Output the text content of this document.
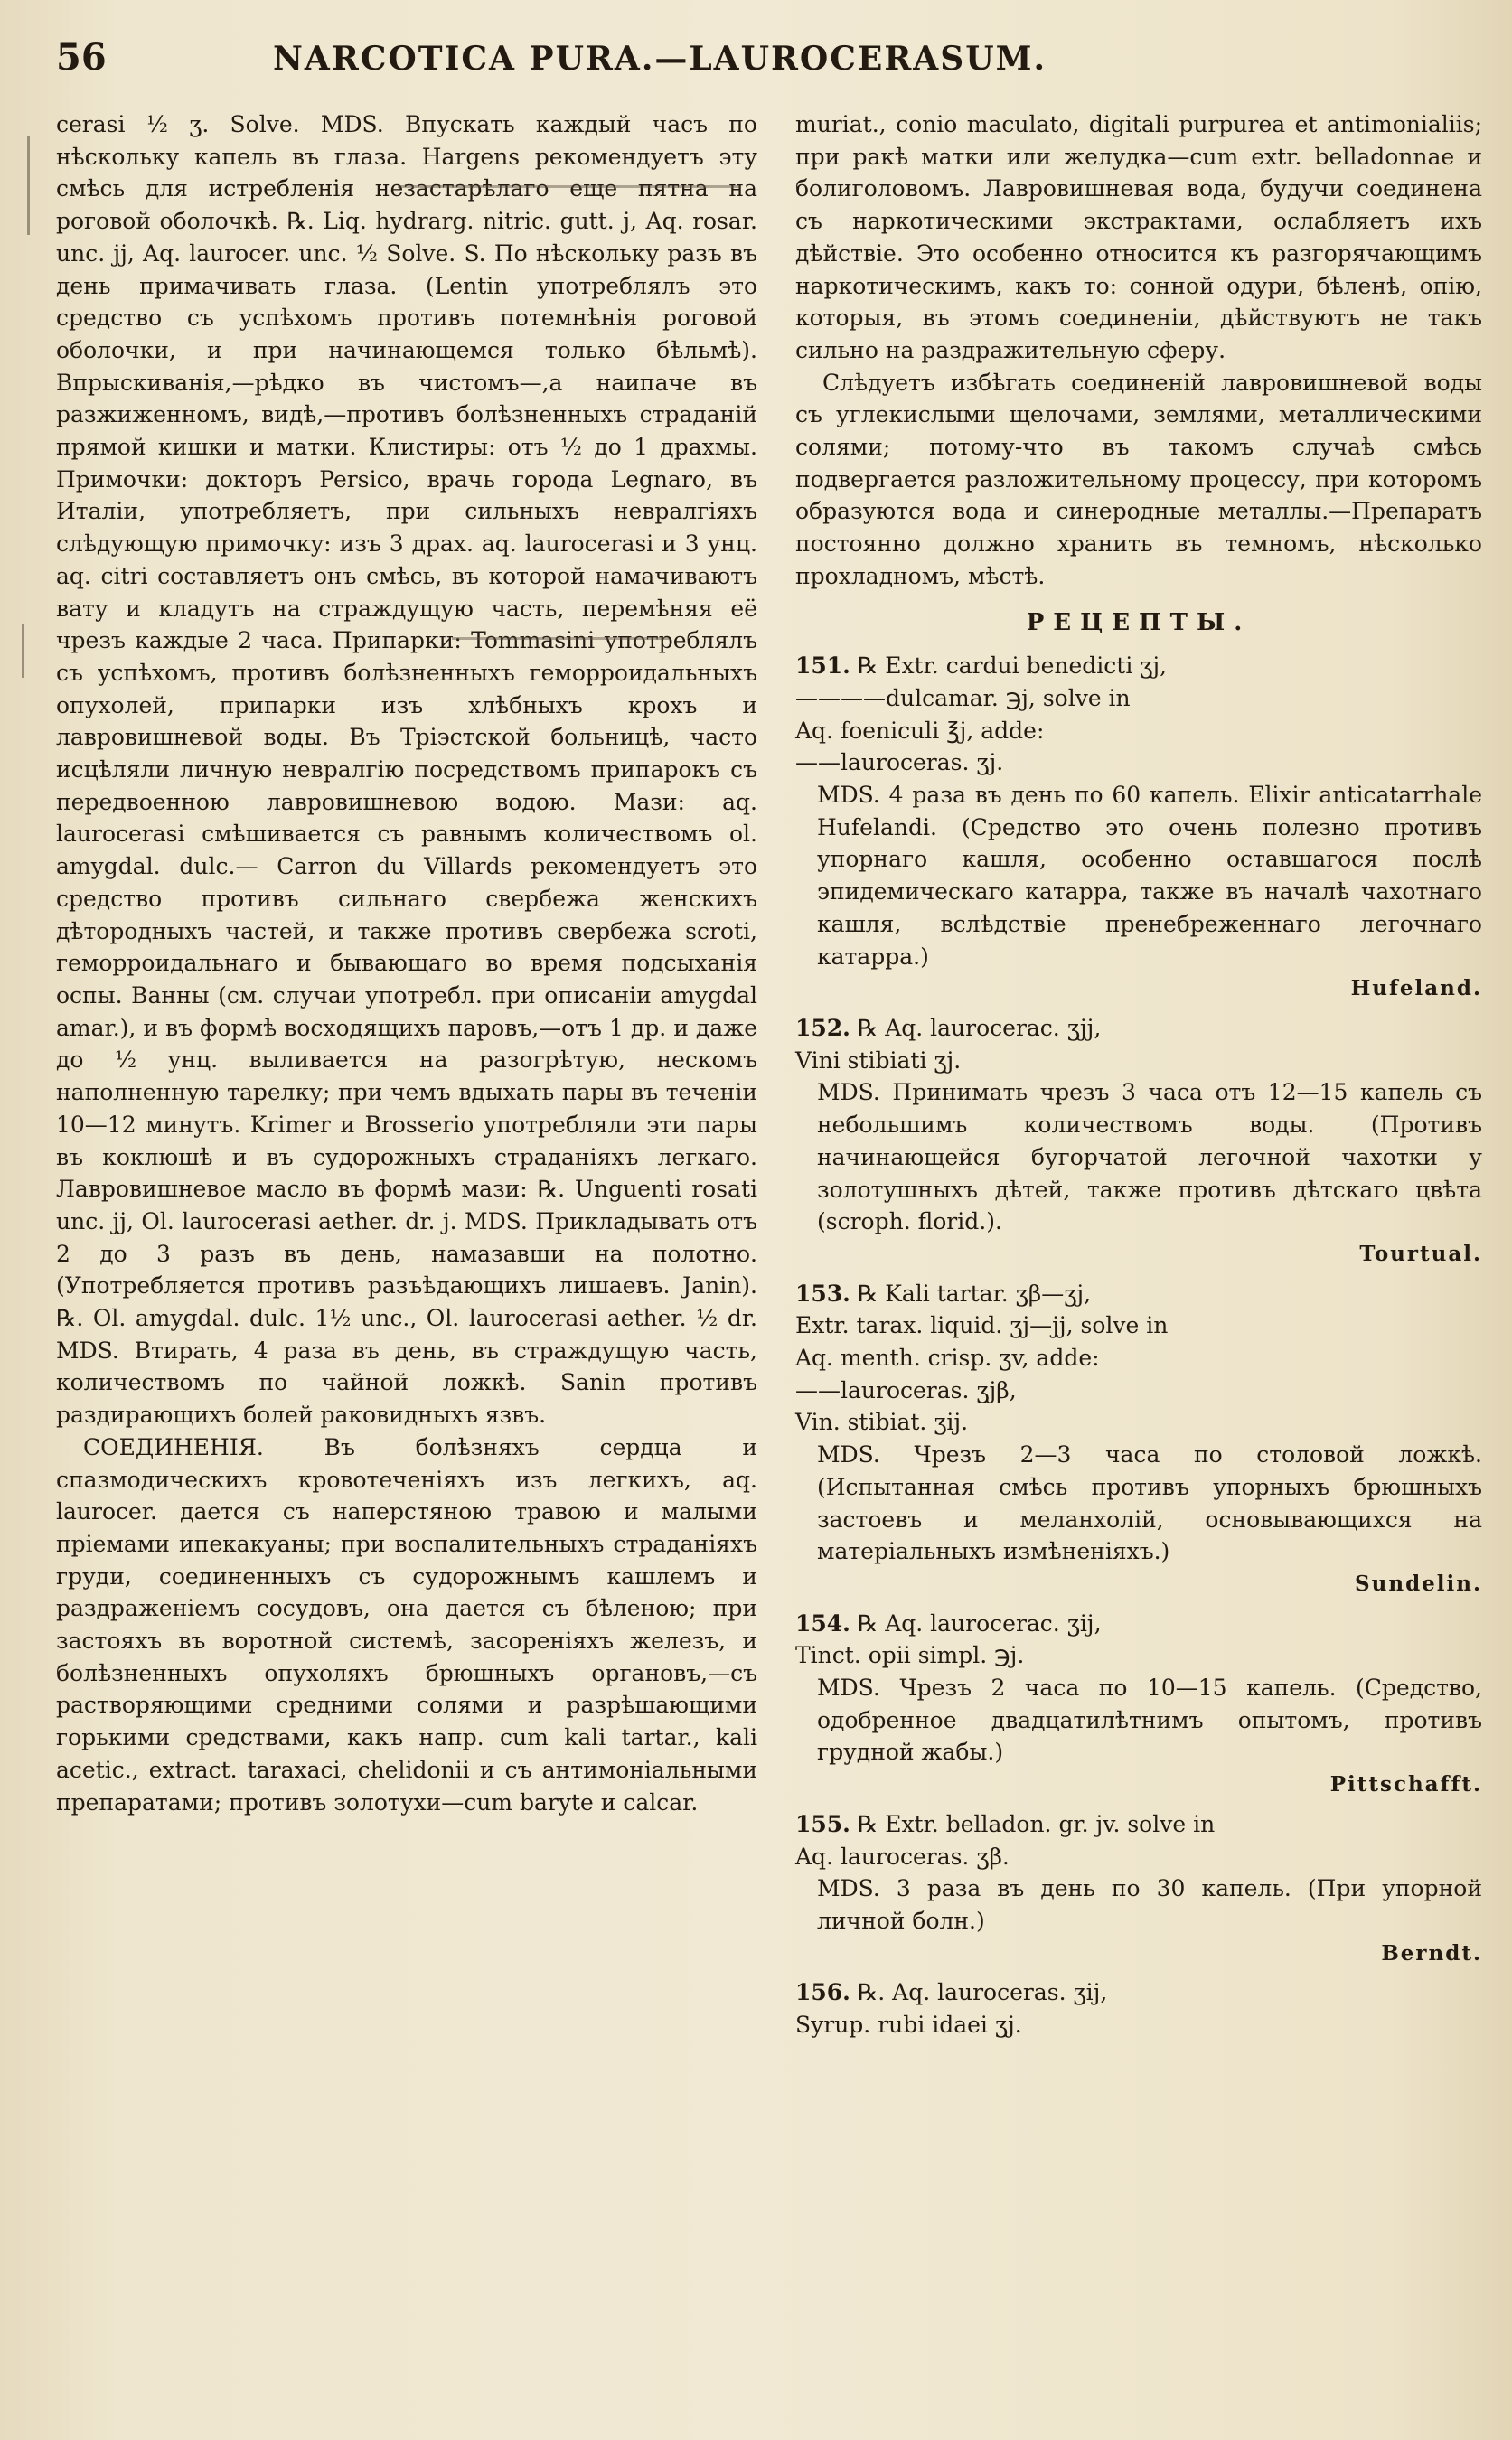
56	NARCOTICA PURA.—LAUROCERASUM.

cerasi ½ ʒ. Solve. MDS. Впускать каждый часъ по нѣскольку капель въ глаза. Hargens рекомендуетъ эту смѣсь для истребленія незастарѣлаго еще пятна на роговой оболочкѣ. ℞. Liq. hydrarg. nitric. gutt. j, Aq. rosar. unc. jj, Aq. laurocer. unc. ½ Solve. S. По нѣскольку разъ въ день примачивать глаза. (Lentin употреблялъ это средство съ успѣхомъ противъ потемнѣнія роговой оболочки, и при начинающемся только бѣльмѣ). Впрыскиванія,—рѣдко въ чистомъ—,а наипаче въ разжиженномъ, видѣ,—противъ болѣзненныхъ страданій прямой кишки и матки. Клистиры: отъ ½ до 1 драхмы. Примочки: докторъ Persico, врачь города Legnaro, въ Италіи, употребляетъ, при сильныхъ невралгіяхъ слѣдующую примочку: изъ 3 драх. aq. laurocerasi и 3 унц. aq. citri составляетъ онъ смѣсь, въ которой намачиваютъ вату и кладутъ на страждущую часть, перемѣняя её чрезъ каждые 2 часа. Припарки: Tommasini употреблялъ съ успѣхомъ, противъ болѣзненныхъ геморроидальныхъ опухолей, припарки изъ хлѣбныхъ крохъ и лавровишневой воды. Въ Тріэстской больницѣ, часто исцѣляли личную невралгію посредствомъ припарокъ съ передвоенною лавровишневою водою. Мази: aq. laurocerasi смѣшивается съ равнымъ количествомъ ol. amygdal. dulc.— Carron du Villards рекомендуетъ это средство противъ сильнаго свербежа женскихъ дѣтородныхъ частей, и также противъ свербежа scroti, геморроидальнаго и бывающаго во время подсыханія оспы. Ванны (см. случаи употребл. при описаніи amygdal amar.), и въ формѣ восходящихъ паровъ,—отъ 1 др. и даже до ½ унц. выливается на разогрѣтую, нескомъ наполненную тарелку; при чемъ вдыхать пары въ теченіи 10—12 минутъ. Krimer и Brosserio употребляли эти пары въ коклюшѣ и въ судорожныхъ страданіяхъ легкаго. Лавровишневое масло въ формѣ мази: ℞. Unguenti rosati unc. jj, Ol. laurocerasi aether. dr. j. MDS. Прикладывать отъ 2 до 3 разъ въ день, намазавши на полотно. (Употребляется противъ разъѣдающихъ лишаевъ. Janin). ℞. Ol. amygdal. dulc. 1½ unc., Ol. laurocerasi aether. ½ dr. MDS. Втирать, 4 раза въ день, въ страждущую часть, количествомъ по чайной ложкѣ. Sanin противъ раздирающихъ болей раковидныхъ язвъ.

СОЕДИНЕНІЯ. Въ болѣзняхъ сердца и спазмодическихъ кровотеченіяхъ изъ легкихъ, aq. laurocer. дается съ наперстяною травою и малыми пріемами ипекакуаны; при воспалительныхъ страданіяхъ груди, соединенныхъ съ судорожнымъ кашлемъ и раздраженіемъ сосудовъ, она дается съ бѣленою; при застояхъ въ воротной системѣ, засореніяхъ железъ, и болѣзненныхъ опухоляхъ брюшныхъ органовъ,—съ растворяющими средними солями и разрѣшающими горькими средствами, какъ напр. cum kali tartar., kali acetic., extract. taraxaci, chelidonii и съ антимоніальными препаратами; противъ золотухи—cum baryte и calcar.

muriat., conio maculato, digitali purpurea et antimonialiis; при ракѣ матки или желудка—cum extr. belladonnae и болиголовомъ. Лавровишневая вода, будучи соединена съ наркотическими экстрактами, ослабляетъ ихъ дѣйствіе. Это особенно относится къ разгорячающимъ наркотическимъ, какъ то: сонной одури, бѣленѣ, опію, которыя, въ этомъ соединеніи, дѣйствуютъ не такъ сильно на раздражительную сферу.

Слѣдуетъ избѣгать соединеній лавровишневой воды съ углекислыми щелочами, землями, металлическими солями; потому-что въ такомъ случаѣ смѣсь подвергается разложительному процессу, при которомъ образуются вода и синеродные металлы.—Препаратъ постоянно должно хранить въ темномъ, нѣсколько прохладномъ, мѣстѣ.

РЕЦЕПТЫ.

151. ℞ Extr. cardui benedicti ʒj,
————dulcamar. ℈j, solve in
Aq. foeniculi ℥j, adde:
——lauroceras. ʒj.

MDS. 4 раза въ день по 60 капель. Elixir anticatarrhale Hufelandi. (Средство это очень полезно противъ упорнаго кашля, особенно оставшагося послѣ эпидемическаго катарра, также въ началѣ чахотнаго кашля, вслѣдствіе пренебреженнаго легочнаго катарра.)

Hufeland.

152. ℞ Aq. laurocerас. ʒjj,
Vini stibiati ʒj.

MDS. Принимать чрезъ 3 часа отъ 12—15 капель съ небольшимъ количествомъ воды. (Противъ начинающейся бугорчатой легочной чахотки у золотушныхъ дѣтей, также противъ дѣтскаго цвѣта (scroph. florid.).

Tourtual.

153. ℞ Kali tartar. ʒβ—ʒj,
Extr. tarax. liquid. ʒj—jj, solve in
Aq. menth. crisp. ʒv, adde:
——laurocerаs. ʒjβ,
Vin. stibiat. ʒij.

MDS. Чрезъ 2—3 часа по столовой ложкѣ. (Испытанная смѣсь противъ упорныхъ брюшныхъ застоевъ и меланхолій, основывающихся на матеріальныхъ измѣненіяхъ.)

Sundelin.

154. ℞ Aq. laurocerас. ʒij,
Tinct. opii simpl. ℈j.

MDS. Чрезъ 2 часа по 10—15 капель. (Средство, одобренное двадцатилѣтнимъ опытомъ, противъ грудной жабы.)

Pittschafft.

155. ℞ Extr. belladon. gr. jv. solve in
Aq. laurocerаs. ʒβ.

MDS. 3 раза въ день по 30 капель. (При упорной личной болн.)

Berndt.

156. ℞. Aq. laurocerаs. ʒij,
Syrup. rubi idaei ʒj.
